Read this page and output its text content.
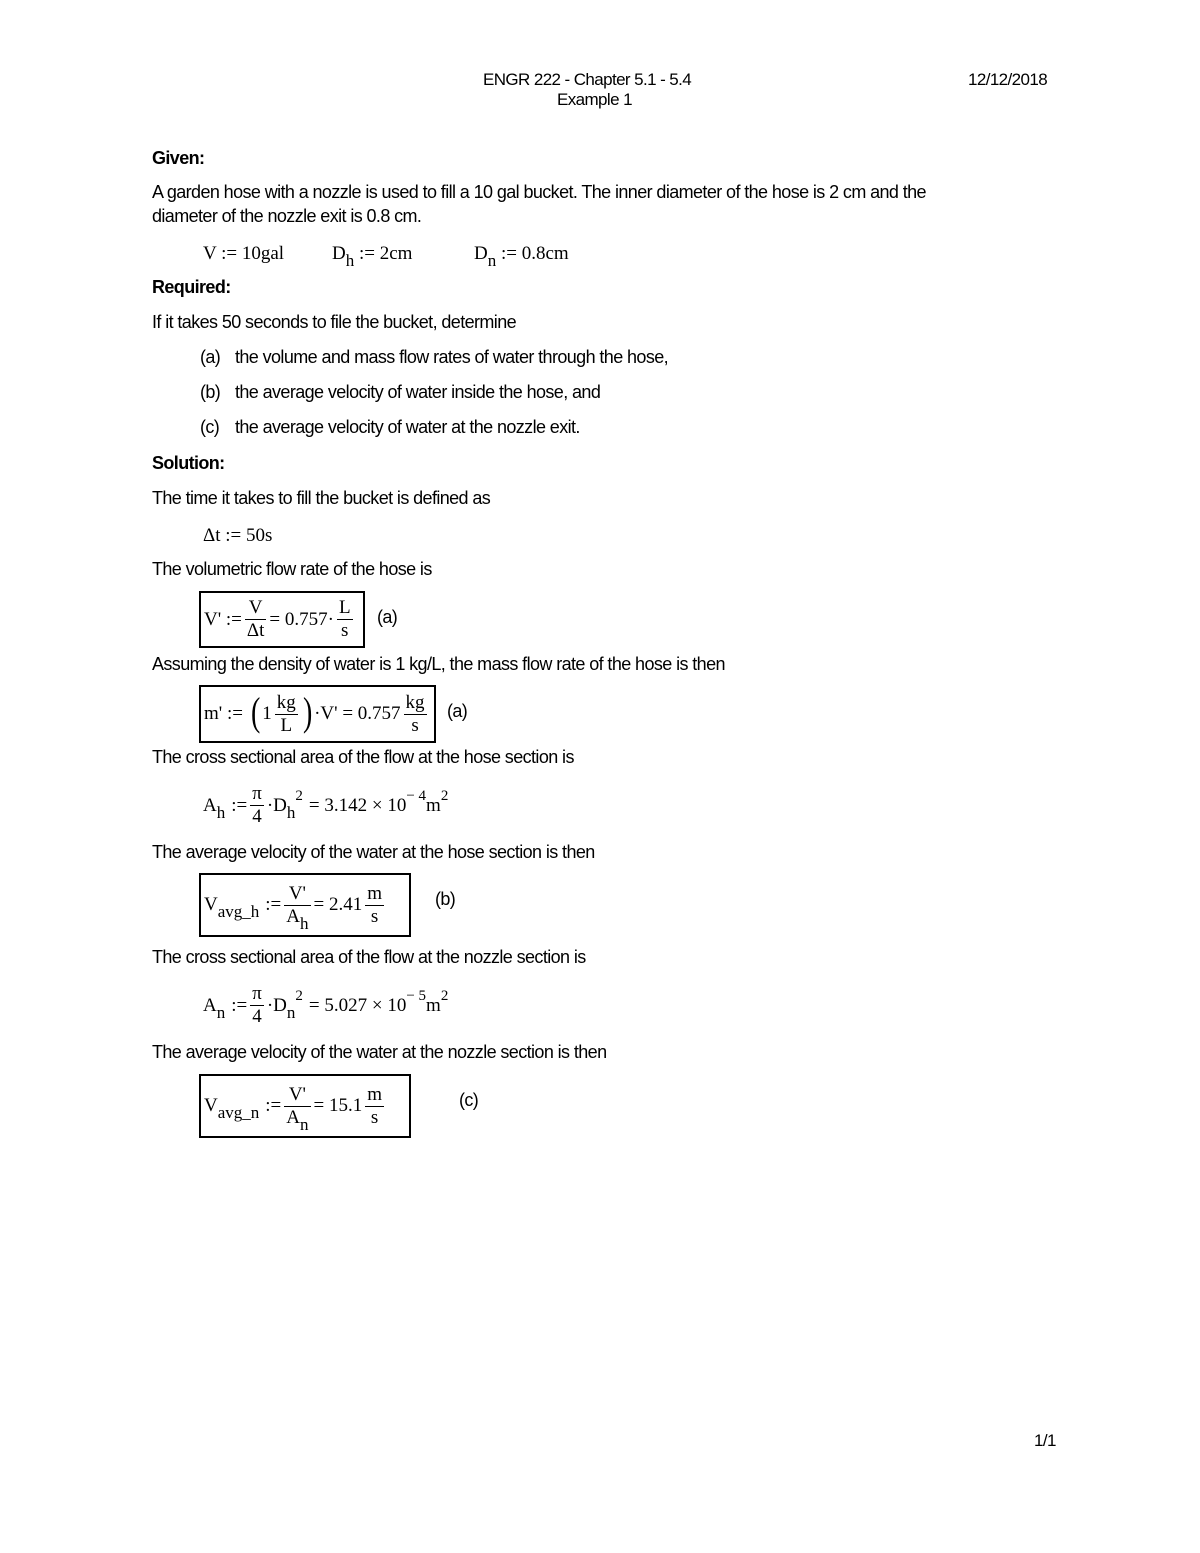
ENGR 222 - Chapter 5.1 - 5.4
Example 1
12/12/2018
Given:
A garden hose with a nozzle is used to fill a 10 gal bucket. The inner diameter of the hose is 2 cm and the
diameter of the nozzle exit is 0.8 cm.
V := 10gal	Dh := 2cm	Dn := 0.8cm
Required:
If it takes 50 seconds to file the bucket, determine
(a) the volume and mass flow rates of water through the hose,
(b) the average velocity of water inside the hose, and
(c) the average velocity of water at the nozzle exit.
Solution:
The time it takes to fill the bucket is defined as
Δt := 50s
The volumetric flow rate of the hose is
V' := $\frac{V}{\Delta t} = 0.757\cdot \frac{L}{s} (a)$
Assuming the density of water is 1 kg/L, the mass flow rate of the hose is then
m' := ( $1 \frac{kg}{L}$ ) $\cdot V' = 0.757 \frac{kg}{s} (a)$
The cross sectional area of the flow at the hose section is
A h := $\frac{\pi}{4} \cdot D$ h
2 = 3.142 × 10 − 4 m 2
The average velocity of the water at the hose section is then
V avg_h := $\frac{V'}{Ah} = 2.41 \frac{m}{s}$	(b)
The cross sectional area of the flow at the nozzle section is
A n := $\frac{\pi}{4} \cdot D$ n
2 = 5.027 × 10 − 5 m 2
The average velocity of the water at the nozzle section is then
V avg_n := $\frac{V'}{An} = 15.1 \frac{m}{s}$	(c)
1/1
